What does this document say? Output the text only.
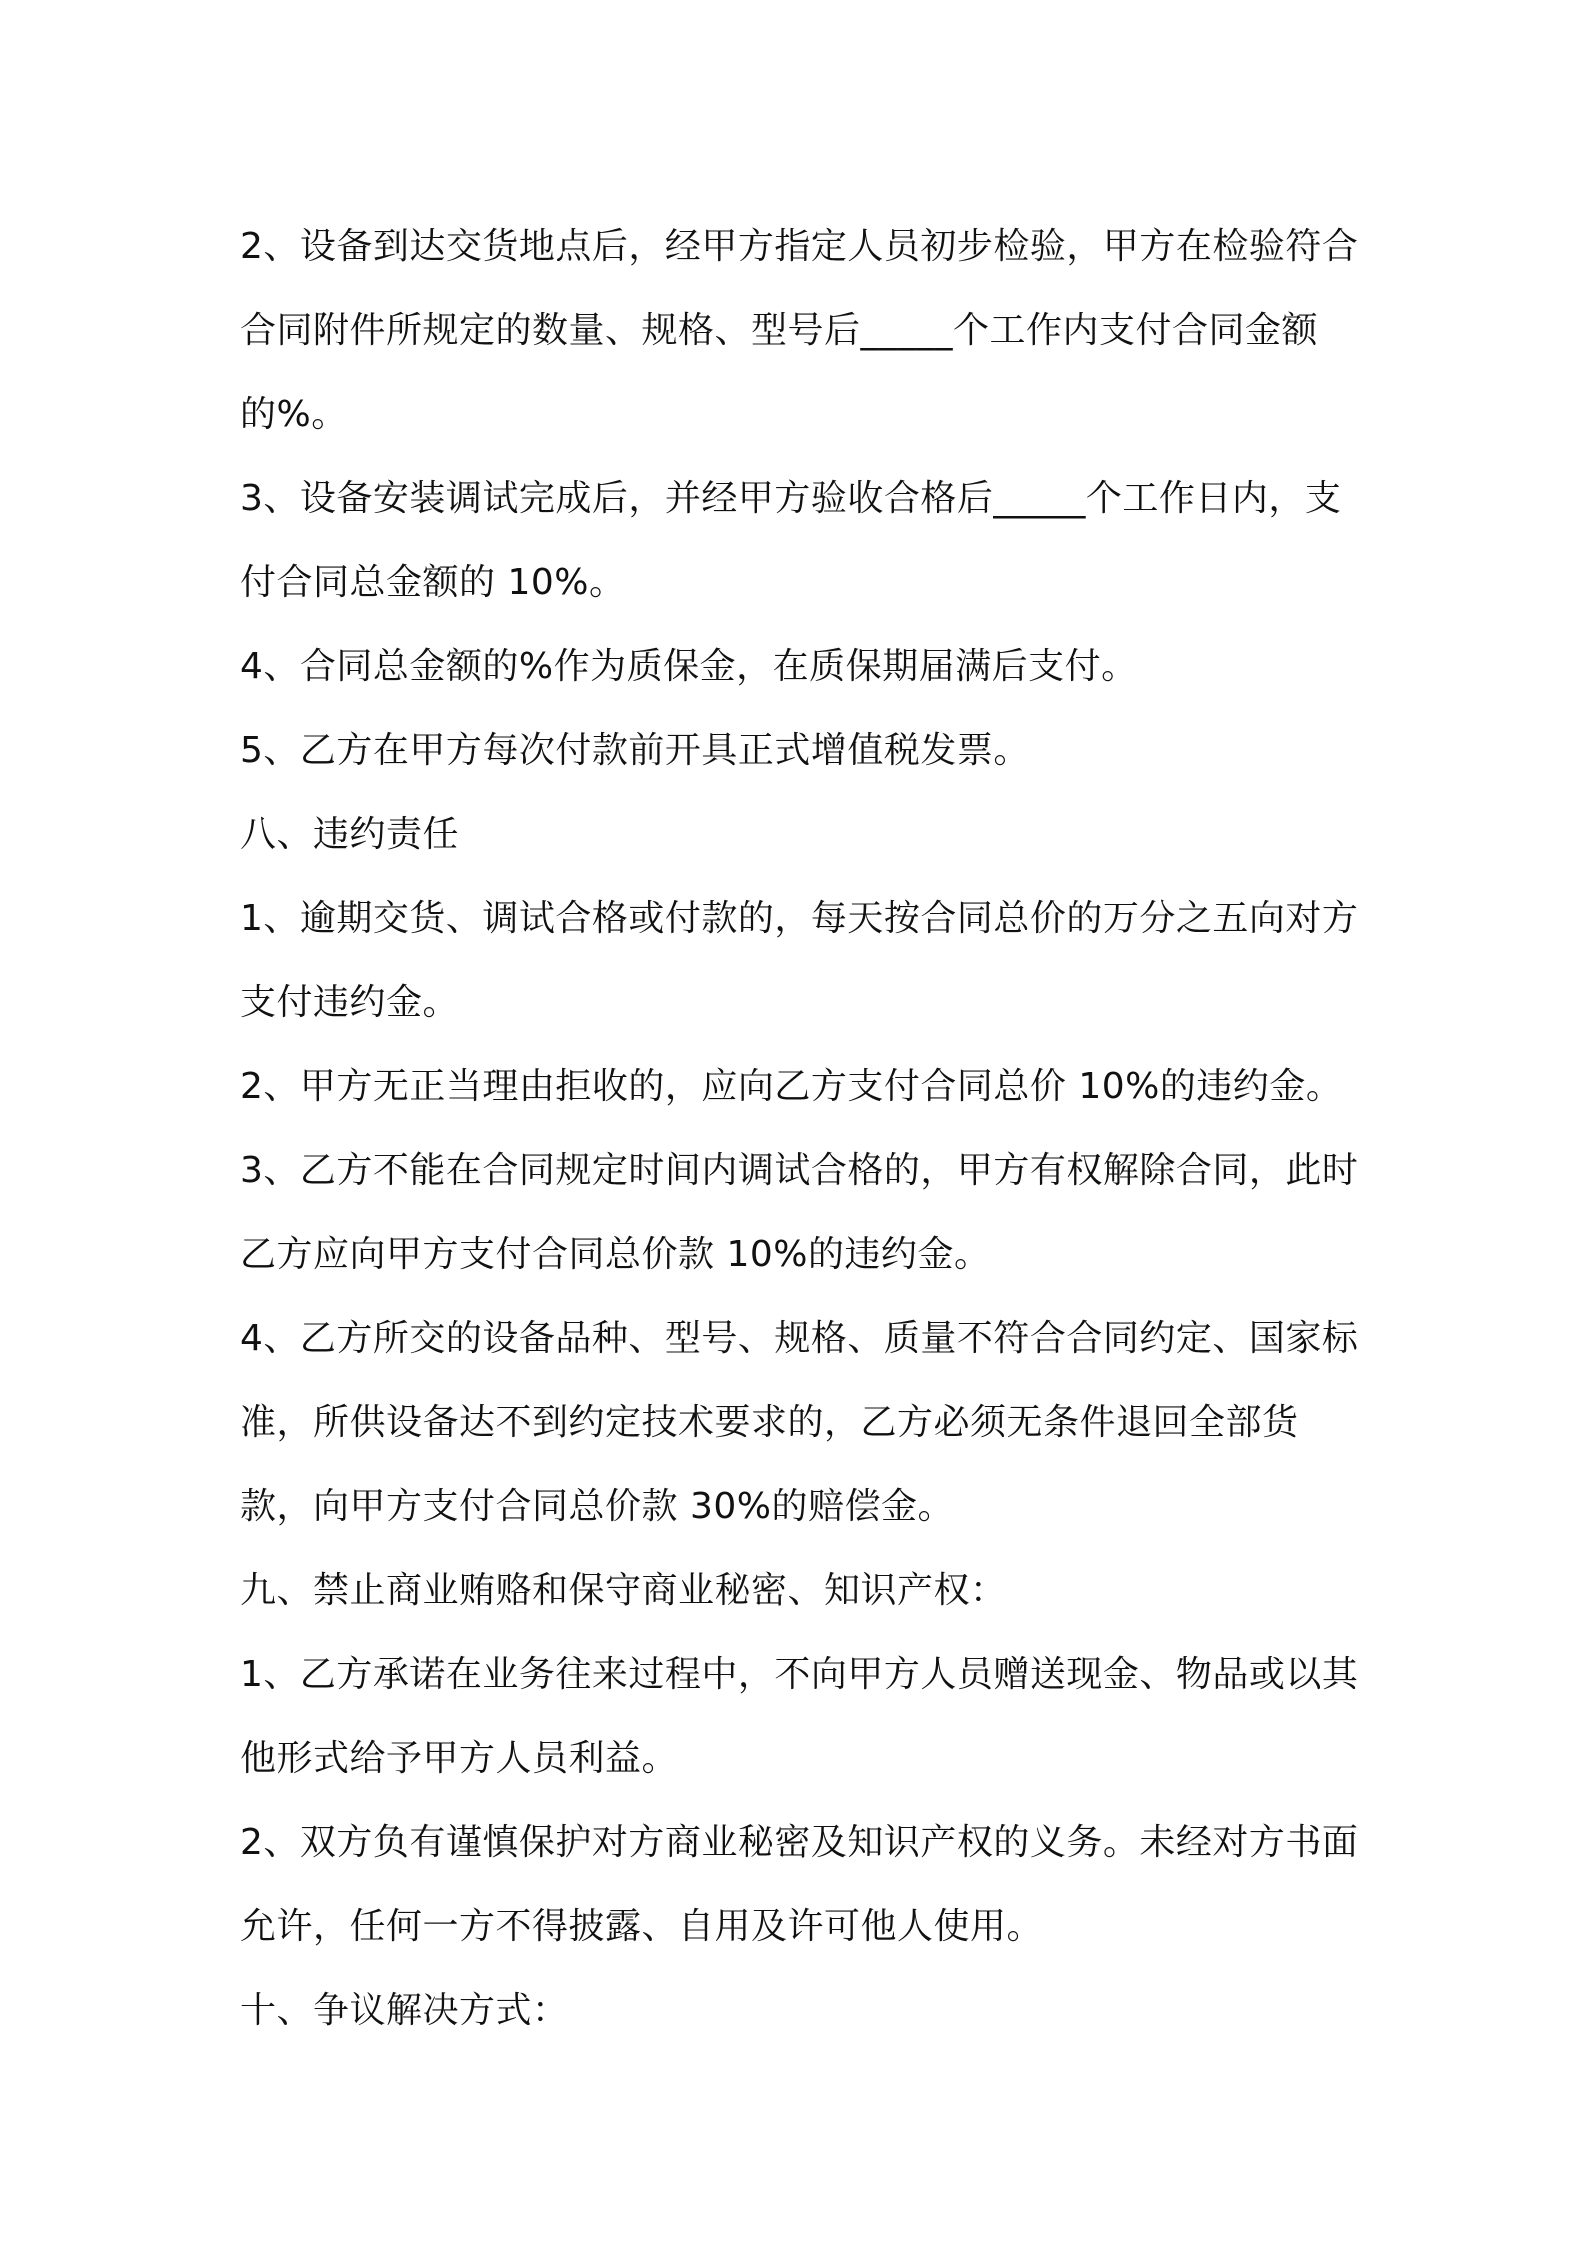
2、设备到达交货地点后，经甲方指定人员初步检验，甲方在检验符合合同附件所规定的数量、规格、型号后_____个工作内支付合同金额的%。

3、设备安装调试完成后，并经甲方验收合格后_____个工作日内，支付合同总金额的 10%。

4、合同总金额的%作为质保金，在质保期届满后支付。

5、乙方在甲方每次付款前开具正式增值税发票。

八、违约责任

1、逾期交货、调试合格或付款的，每天按合同总价的万分之五向对方支付违约金。

2、甲方无正当理由拒收的，应向乙方支付合同总价 10%的违约金。

3、乙方不能在合同规定时间内调试合格的，甲方有权解除合同，此时乙方应向甲方支付合同总价款 10%的违约金。

4、乙方所交的设备品种、型号、规格、质量不符合合同约定、国家标准，所供设备达不到约定技术要求的，乙方必须无条件退回全部货款，向甲方支付合同总价款 30%的赔偿金。

九、禁止商业贿赂和保守商业秘密、知识产权：

1、乙方承诺在业务往来过程中，不向甲方人员赠送现金、物品或以其他形式给予甲方人员利益。

2、双方负有谨慎保护对方商业秘密及知识产权的义务。未经对方书面允许，任何一方不得披露、自用及许可他人使用。

十、争议解决方式：
